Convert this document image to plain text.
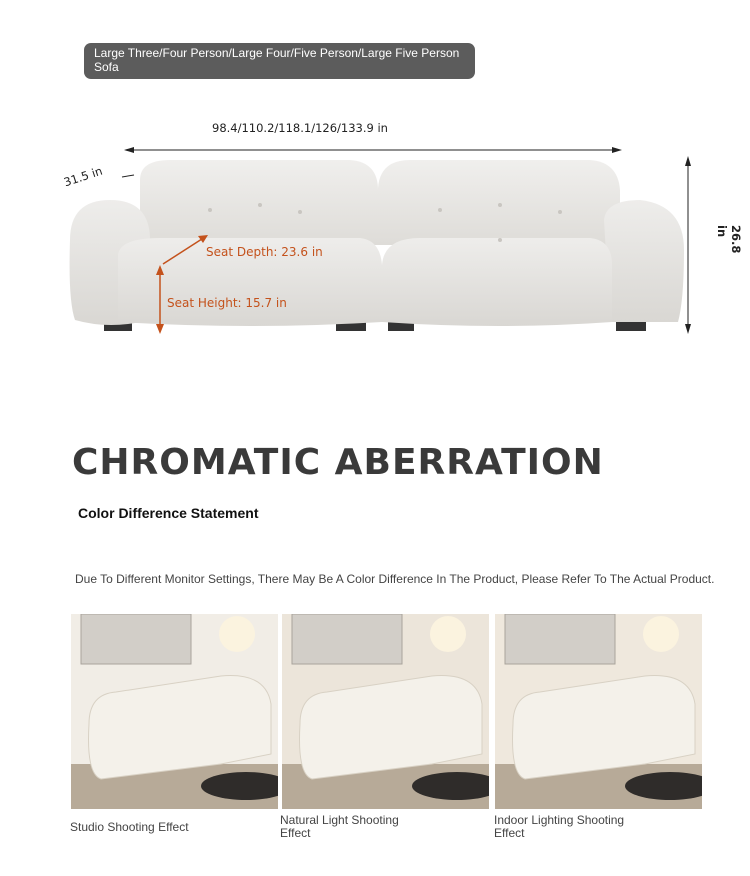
Large Three/Four Person/Large Four/Five Person/Large Five Person Sofa
98.4/110.2/118.1/126/133.9 in
31.5 in
26.8 in
Seat Depth: 23.6 in
Seat Height: 15.7 in
CHROMATIC ABERRATION
Color Difference Statement
Due To Different Monitor Settings, There May Be A Color Difference In The Product, Please Refer To The Actual Product.
Studio Shooting Effect	Natural Light Shooting Effect
Indoor Lighting Shooting Effect
